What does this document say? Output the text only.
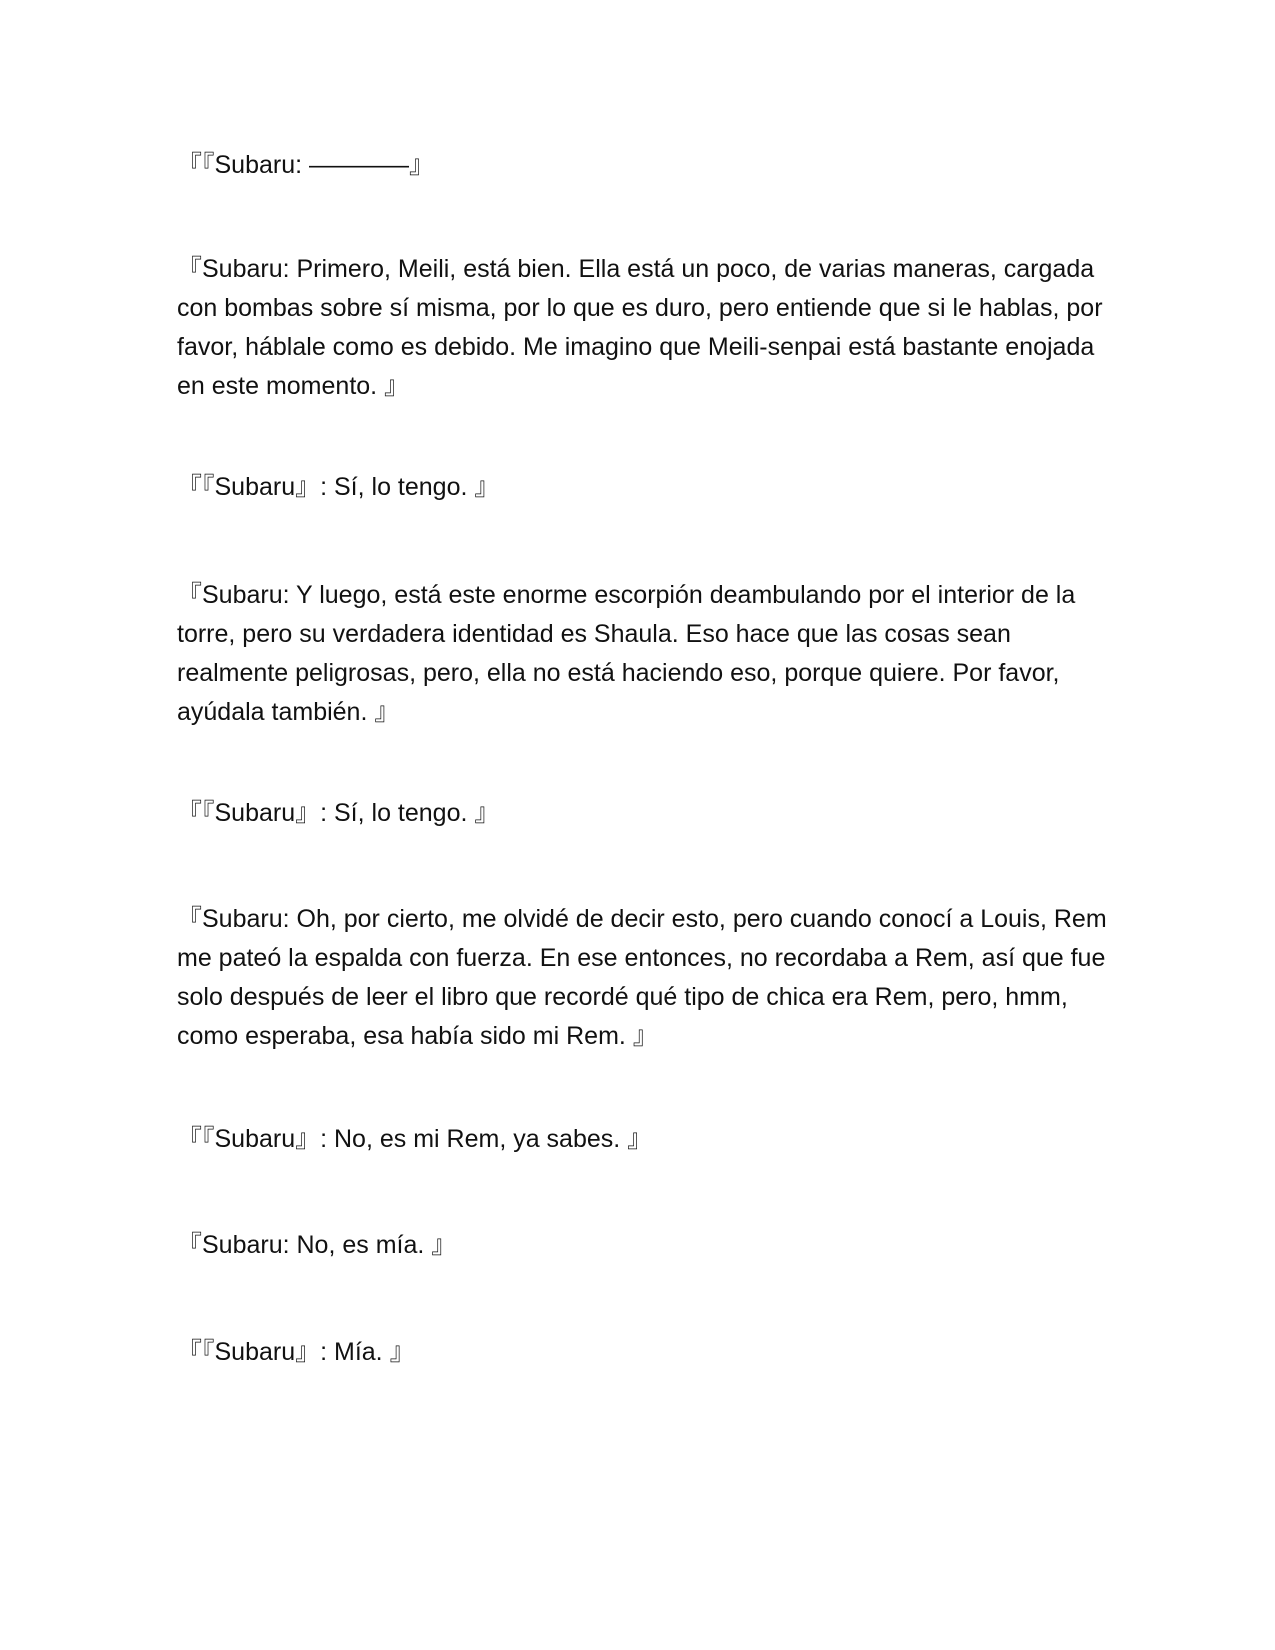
『『Subaru: ————』

『Subaru: Primero, Meili, está bien. Ella está un poco, de varias maneras, cargada con bombas sobre sí misma, por lo que es duro, pero entiende que si le hablas, por favor, háblale como es debido. Me imagino que Meili-senpai está bastante enojada en este momento. 』

『『Subaru』: Sí, lo tengo. 』

『Subaru: Y luego, está este enorme escorpión deambulando por el interior de la torre, pero su verdadera identidad es Shaula. Eso hace que las cosas sean realmente peligrosas, pero, ella no está haciendo eso, porque quiere. Por favor, ayúdala también. 』

『『Subaru』: Sí, lo tengo. 』

『Subaru: Oh, por cierto, me olvidé de decir esto, pero cuando conocí a Louis, Rem me pateó la espalda con fuerza. En ese entonces, no recordaba a Rem, así que fue solo después de leer el libro que recordé qué tipo de chica era Rem, pero, hmm, como esperaba, esa había sido mi Rem. 』

『『Subaru』: No, es mi Rem, ya sabes. 』

『Subaru: No, es mía. 』

『『Subaru』: Mía. 』
